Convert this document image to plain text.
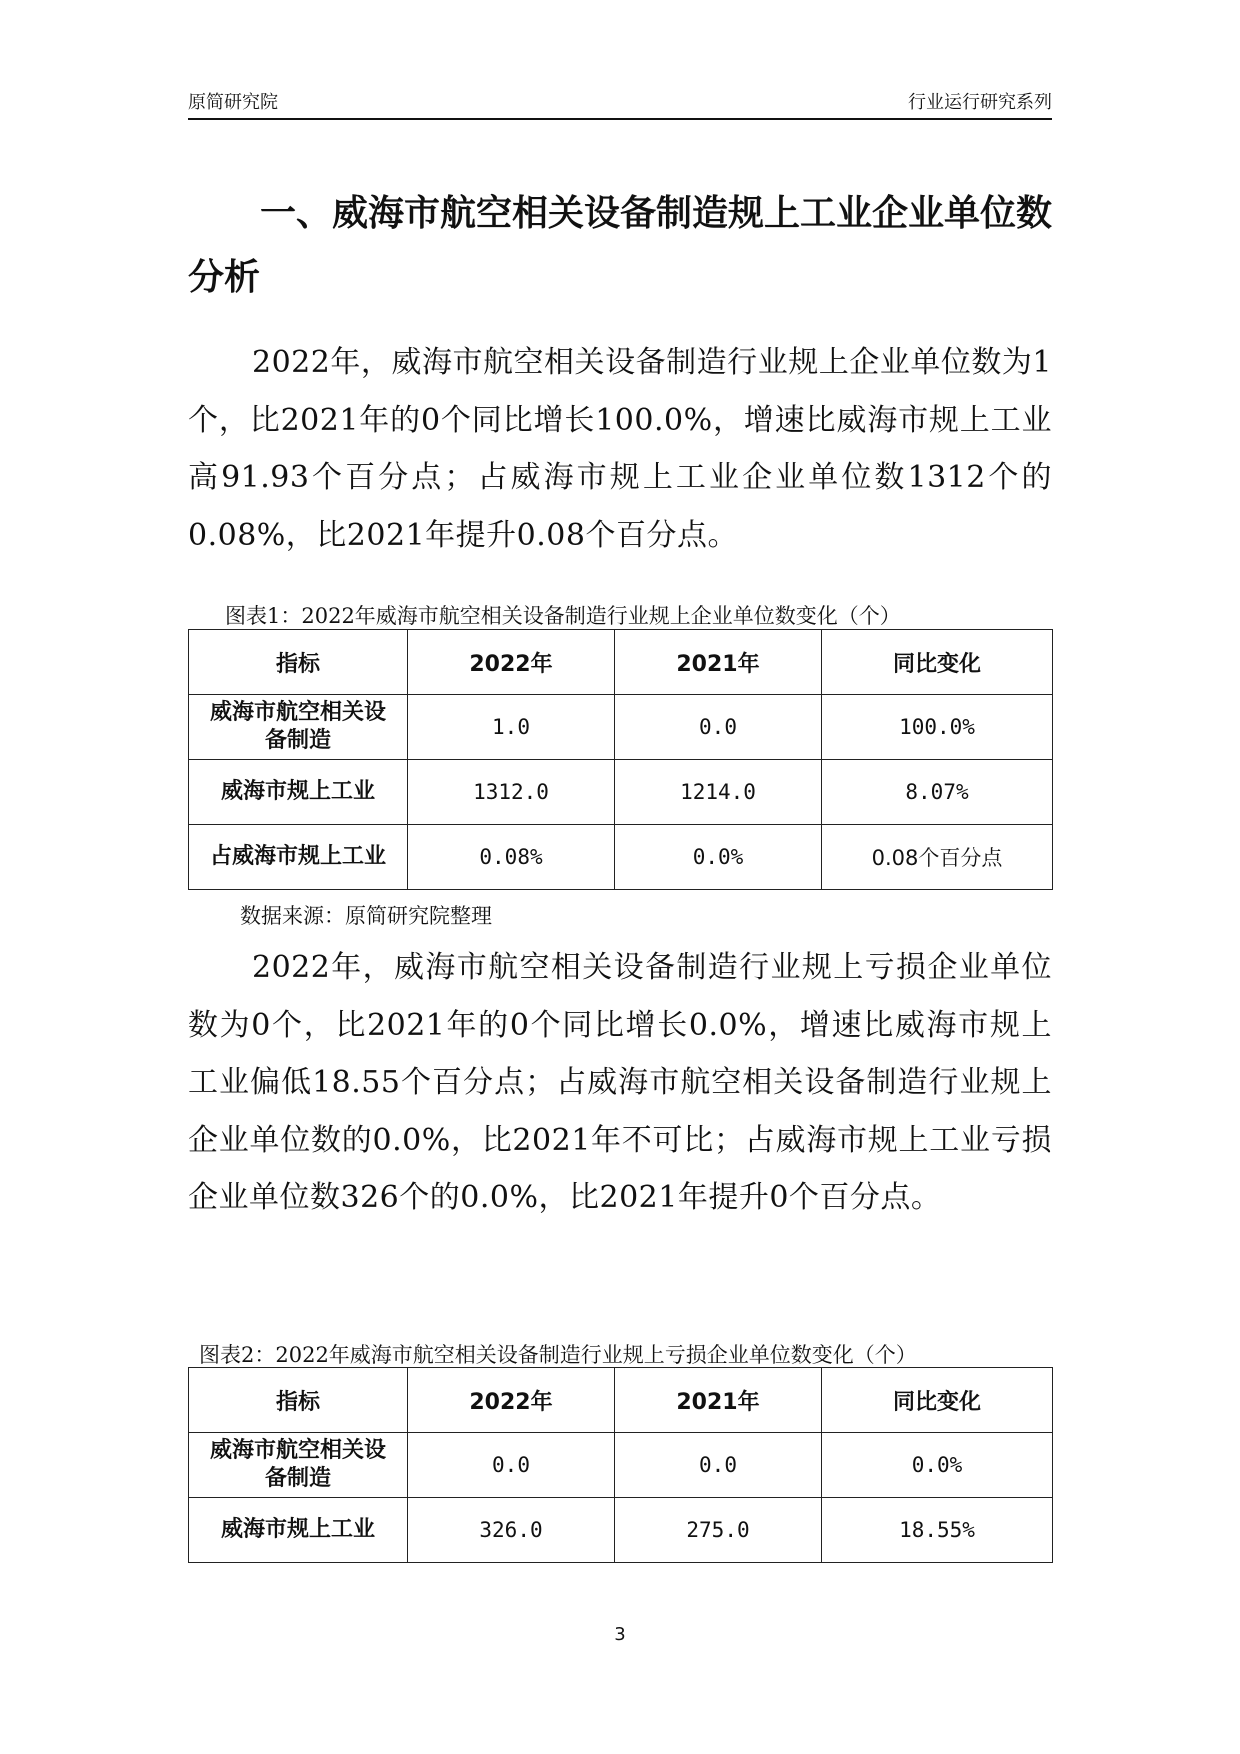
原简研究院	行业运行研究系列
一、威海市航空相关设备制造规上工业企业单位数分析

2022年，威海市航空相关设备制造行业规上企业单位数为1个，比2021年的0个同比增长100.0%，增速比威海市规上工业高91.93个百分点；占威海市规上工业企业单位数1312个的0.08%，比2021年提升0.08个百分点。

图表1：2022年威海市航空相关设备制造行业规上企业单位数变化（个）
指标	2022年	2021年	同比变化
威海市航空相关设备制造	1.0	0.0	100.0%
威海市规上工业	1312.0	1214.0	8.07%
占威海市规上工业	0.08%	0.0%	0.08个百分点
数据来源：原简研究院整理

2022年，威海市航空相关设备制造行业规上亏损企业单位数为0个，比2021年的0个同比增长0.0%，增速比威海市规上工业偏低18.55个百分点；占威海市航空相关设备制造行业规上企业单位数的0.0%，比2021年不可比；占威海市规上工业亏损企业单位数326个的0.0%，比2021年提升0个百分点。

图表2：2022年威海市航空相关设备制造行业规上亏损企业单位数变化（个）
指标	2022年	2021年	同比变化
威海市航空相关设备制造	0.0	0.0	0.0%
威海市规上工业	326.0	275.0	18.55%
3
